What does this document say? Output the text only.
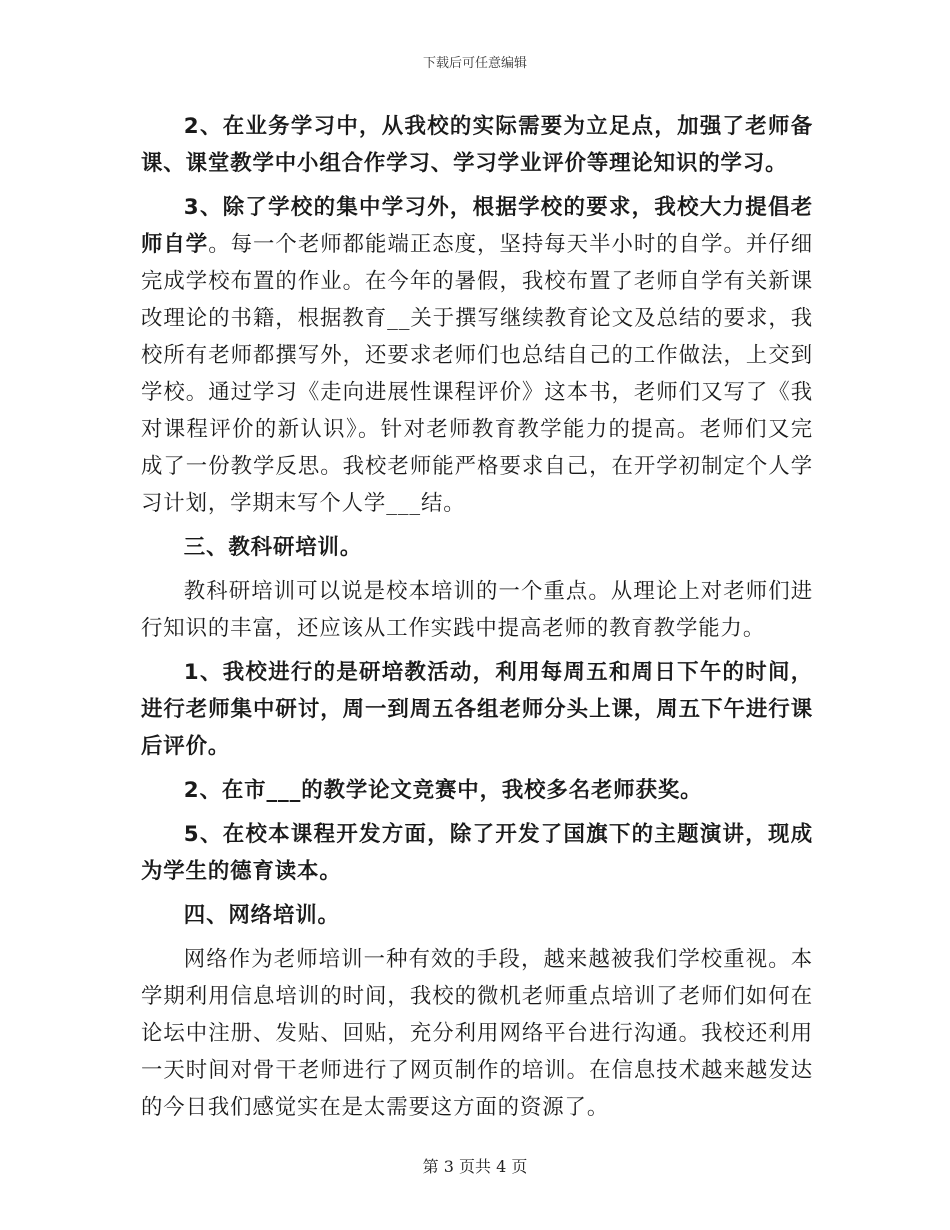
下载后可任意编辑

2、在业务学习中，从我校的实际需要为立足点，加强了老师备课、课堂教学中小组合作学习、学习学业评价等理论知识的学习。

3、除了学校的集中学习外，根据学校的要求，我校大力提倡老师自学。每一个老师都能端正态度，坚持每天半小时的自学。并仔细完成学校布置的作业。在今年的暑假，我校布置了老师自学有关新课改理论的书籍，根据教育__关于撰写继续教育论文及总结的要求，我校所有老师都撰写外，还要求老师们也总结自己的工作做法，上交到学校。通过学习《走向进展性课程评价》这本书，老师们又写了《我对课程评价的新认识》。针对老师教育教学能力的提高。老师们又完成了一份教学反思。我校老师能严格要求自己，在开学初制定个人学习计划，学期末写个人学___结。

三、教科研培训。

教科研培训可以说是校本培训的一个重点。从理论上对老师们进行知识的丰富，还应该从工作实践中提高老师的教育教学能力。

1、我校进行的是研培教活动，利用每周五和周日下午的时间，进行老师集中研讨，周一到周五各组老师分头上课，周五下午进行课后评价。

2、在市___的教学论文竞赛中，我校多名老师获奖。

5、在校本课程开发方面，除了开发了国旗下的主题演讲，现成为学生的德育读本。

四、网络培训。

网络作为老师培训一种有效的手段，越来越被我们学校重视。本学期利用信息培训的时间，我校的微机老师重点培训了老师们如何在论坛中注册、发贴、回贴，充分利用网络平台进行沟通。我校还利用一天时间对骨干老师进行了网页制作的培训。在信息技术越来越发达的今日我们感觉实在是太需要这方面的资源了。

第 3 页共 4 页
